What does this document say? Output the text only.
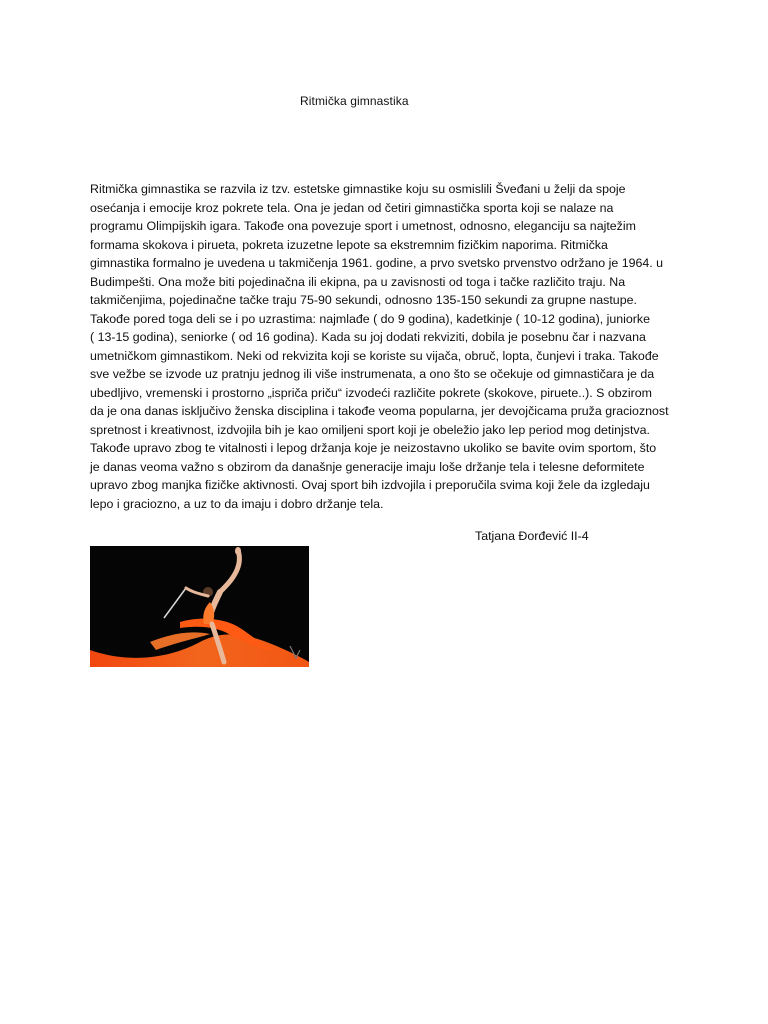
Ritmička gimnastika

Ritmička gimnastika se razvila iz tzv. estetske gimnastike koju su osmislili Šveđani u želji da spoje
osećanja i emocije kroz pokrete tela. Ona je jedan od četiri gimnastička sporta koji se nalaze na
programu Olimpijskih igara. Takođe ona povezuje sport i umetnost, odnosno, eleganciju sa najtežim
formama skokova i pirueta, pokreta izuzetne lepote sa ekstremnim fizičkim naporima. Ritmička
gimnastika formalno je uvedena u takmičenja 1961. godine, a prvo svetsko prvenstvo održano je 1964. u
Budimpešti. Ona može biti pojedinačna ili ekipna, pa u zavisnosti od toga i tačke različito traju. Na
takmičenjima, pojedinačne tačke traju 75-90 sekundi, odnosno 135-150 sekundi za grupne nastupe.
Takođe pored toga deli se i po uzrastima: najmlađe ( do 9 godina), kadetkinje ( 10-12 godina), juniorke
( 13-15 godina), seniorke ( od 16 godina). Kada su joj dodati rekviziti, dobila je posebnu čar i nazvana
umetničkom gimnastikom. Neki od rekvizita koji se koriste su vijača, obruč, lopta, čunjevi i traka. Takođe
sve vežbe se izvode uz pratnju jednog ili više instrumenata, a ono što se očekuje od gimnastičara je da
ubedljivo, vremenski i prostorno „ispriča priču“ izvodeći različite pokrete (skokove, piruete..). S obzirom
da je ona danas isključivo ženska disciplina i takođe veoma popularna, jer devojčicama pruža gracioznost
spretnost i kreativnost, izdvojila bih je kao omiljeni sport koji je obeležio jako lep period mog detinjstva.
Takođe upravo zbog te vitalnosti i lepog držanja koje je neizostavno ukoliko se bavite ovim sportom, što
je danas veoma važno s obzirom da današnje generacije imaju loše držanje tela i telesne deformitete
upravo zbog manjka fizičke aktivnosti. Ovaj sport bih izdvojila i preporučila svima koji žele da izgledaju
lepo i graciozno, a uz to da imaju i dobro držanje tela.

Tatjana Đorđević II-4
